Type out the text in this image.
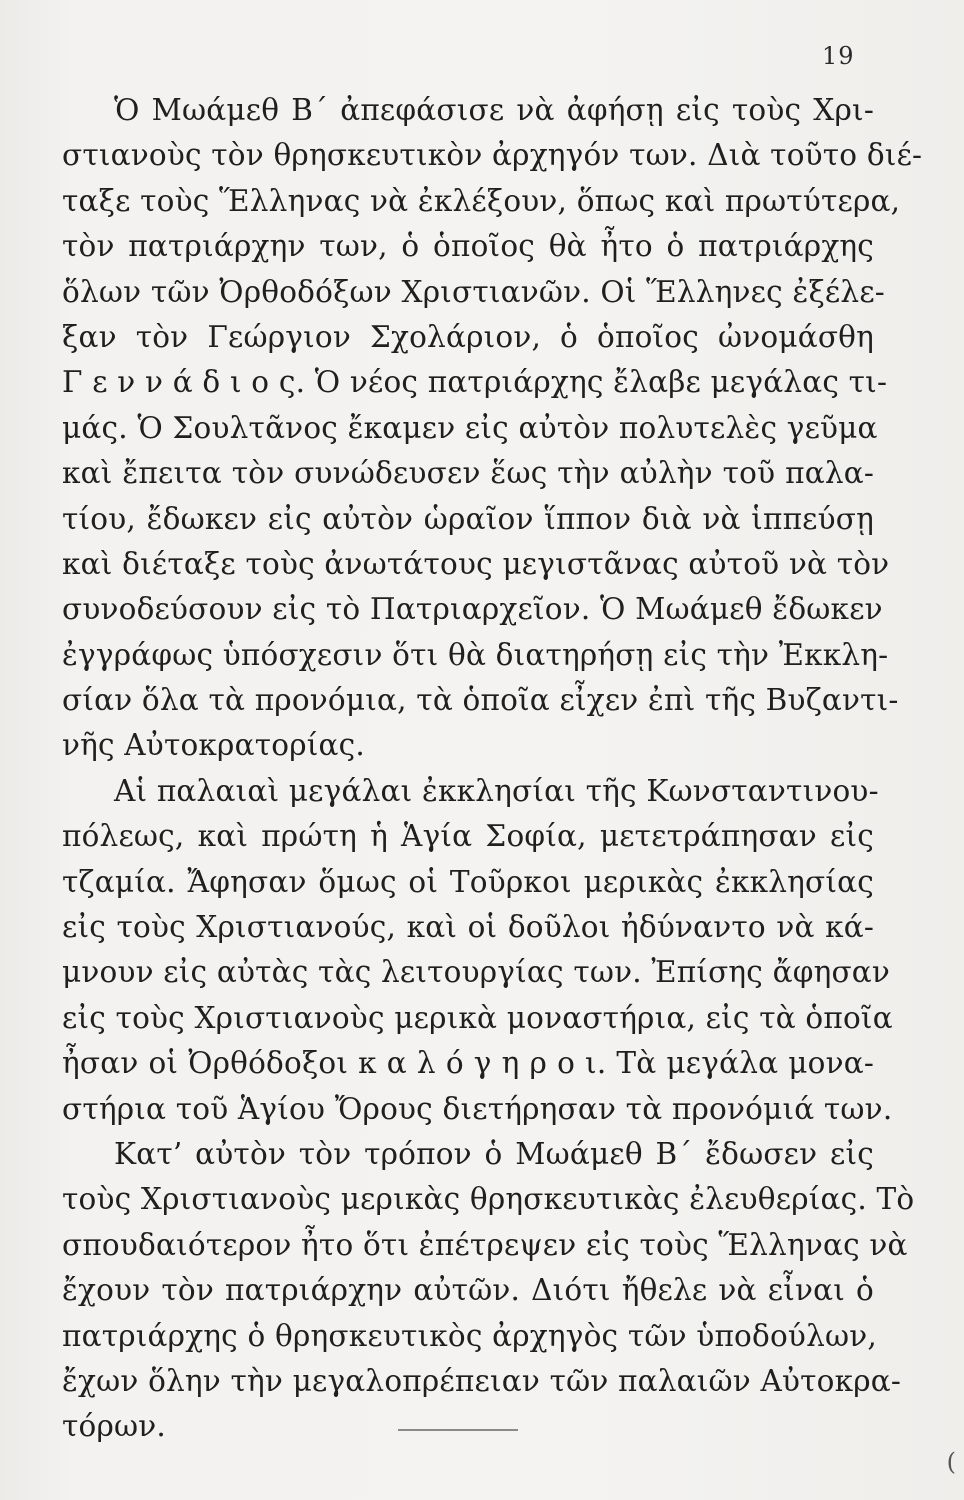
19
Ὁ Μωάμεθ Β΄ ἀπεφάσισε νὰ ἀφήσῃ εἰς τοὺς Χρι-
στιανοὺς τὸν θρησκευτικὸν ἀρχηγόν των. Διὰ τοῦτο διέ-
ταξε τοὺς Ἕλληνας νὰ ἐκλέξουν, ὅπως καὶ πρωτύτερα,
τὸν πατριάρχην των, ὁ ὁποῖος θὰ ἦτο ὁ πατριάρχης
ὅλων τῶν Ὀρθοδόξων Χριστιανῶν. Οἱ Ἕλληνες ἐξέλε-
ξαν τὸν Γεώργιον Σχολάριον, ὁ ὁποῖος ὠνομάσθη
Γ ε ν ν ά δ ι ο ς. Ὁ νέος πατριάρχης ἔλαβε μεγάλας τι-
μάς. Ὁ Σουλτᾶνος ἔκαμεν εἰς αὐτὸν πολυτελὲς γεῦμα
καὶ ἔπειτα τὸν συνώδευσεν ἕως τὴν αὐλὴν τοῦ παλα-
τίου, ἔδωκεν εἰς αὐτὸν ὡραῖον ἵππον διὰ νὰ ἱππεύσῃ
καὶ διέταξε τοὺς ἀνωτάτους μεγιστᾶνας αὐτοῦ νὰ τὸν
συνοδεύσουν εἰς τὸ Πατριαρχεῖον. Ὁ Μωάμεθ ἔδωκεν
ἐγγράφως ὑπόσχεσιν ὅτι θὰ διατηρήσῃ εἰς τὴν Ἐκκλη-
σίαν ὅλα τὰ προνόμια, τὰ ὁποῖα εἶχεν ἐπὶ τῆς Βυζαντι-
νῆς Αὐτοκρατορίας.
Αἱ παλαιαὶ μεγάλαι ἐκκλησίαι τῆς Κωνσταντινου-
πόλεως, καὶ πρώτη ἡ Ἁγία Σοφία, μετετράπησαν εἰς
τζαμία. Ἄφησαν ὅμως οἱ Τοῦρκοι μερικὰς ἐκκλησίας
εἰς τοὺς Χριστιανούς, καὶ οἱ δοῦλοι ἠδύναντο νὰ κά-
μνουν εἰς αὐτὰς τὰς λειτουργίας των. Ἐπίσης ἄφησαν
εἰς τοὺς Χριστιανοὺς μερικὰ μοναστήρια, εἰς τὰ ὁποῖα
ἦσαν οἱ Ὀρθόδοξοι κ α λ ό γ η ρ ο ι. Τὰ μεγάλα μονα-
στήρια τοῦ Ἁγίου Ὄρους διετήρησαν τὰ προνόμιά των.
Κατ’ αὐτὸν τὸν τρόπον ὁ Μωάμεθ Β΄ ἔδωσεν εἰς
τοὺς Χριστιανοὺς μερικὰς θρησκευτικὰς ἐλευθερίας. Τὸ
σπουδαιότερον ἦτο ὅτι ἐπέτρεψεν εἰς τοὺς Ἕλληνας νὰ
ἔχουν τὸν πατριάρχην αὐτῶν. Διότι ἤθελε νὰ εἶναι ὁ
πατριάρχης ὁ θρησκευτικὸς ἀρχηγὸς τῶν ὑποδούλων,
ἔχων ὅλην τὴν μεγαλοπρέπειαν τῶν παλαιῶν Αὐτοκρα-
τόρων.
(
